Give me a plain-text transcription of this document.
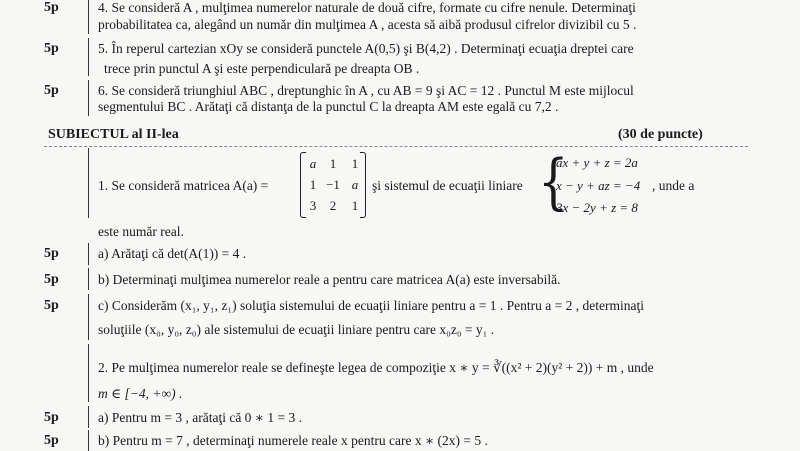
5p	4. Se consideră A , mulţimea numerelor naturale de două cifre, formate cu cifre nenule. Determinaţi
probabilitatea ca, alegând un număr din mulţimea A , acesta să aibă produsul cifrelor divizibil cu 5 .
5p	5. În reperul cartezian xOy se consideră punctele A(0,5) şi B(4,2) . Determinaţi ecuaţia dreptei care
trece prin punctul A şi este perpendiculară pe dreapta OB .
5p	6. Se consideră triunghiul ABC , dreptunghic în A , cu AB = 9 şi AC = 12 . Punctul M este mijlocul
segmentului BC . Arătaţi că distanţa de la punctul C la dreapta AM este egală cu 7,2 .
SUBIECTUL al II-lea	(30 de puncte)
1. Se consideră matricea A(a) =
a	1	1
1 −1 a
3	2	1
şi sistemul de ecuaţii liniare {
ax + y + z = 2a
x − y + az = −4
3x − 2y + z = 8
, unde a
este număr real.
5p	a) Arătaţi că det(A(1)) = 4 .
5p	b) Determinaţi mulţimea numerelor reale a pentru care matricea A(a) este inversabilă.
5p	c) Considerăm (x₁, y₁, z₁) soluţia sistemului de ecuaţii liniare pentru a = 1 . Pentru a = 2 , determinaţi
soluţiile (x₀, y₀, z₀) ale sistemului de ecuaţii liniare pentru care x₀z₀ = y₁ .
2. Pe mulţimea numerelor reale se defineşte legea de compoziţie x ∗ y = ∛((x² + 2)(y² + 2)) + m , unde
m ∈ [−4, +∞) .
5p	a) Pentru m = 3 , arătaţi că 0 ∗ 1 = 3 .
5p	b) Pentru m = 7 , determinaţi numerele reale x pentru care x ∗ (2x) = 5 .
